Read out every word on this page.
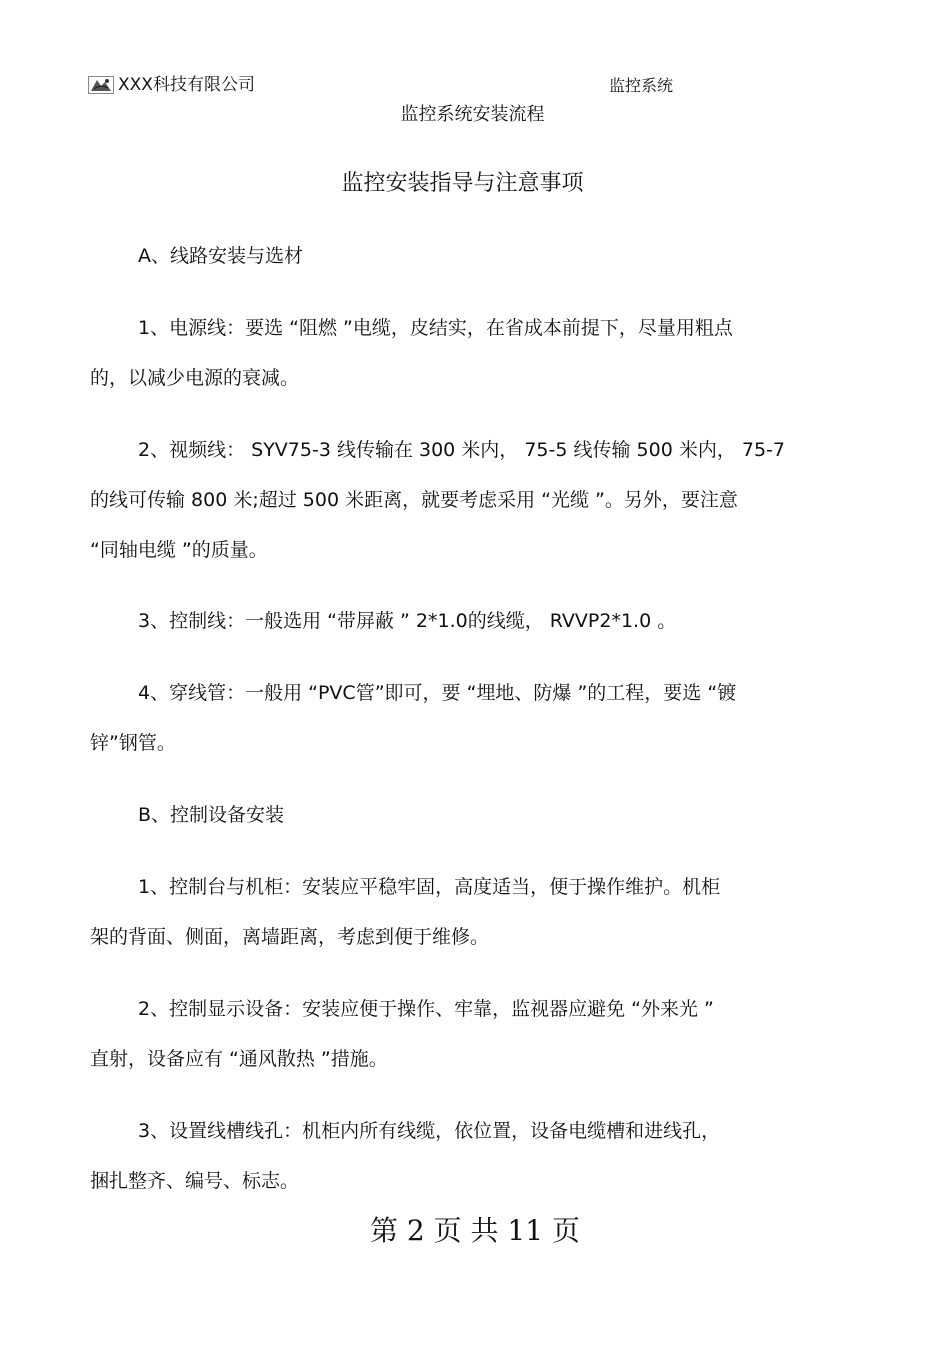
XXX科技有限公司	监控系统
监控系统安装流程
监控安装指导与注意事项
A、线路安装与选材
1、电源线：要选 “阻燃 ”电缆，皮结实，在省成本前提下，尽量用粗点
的，以减少电源的衰减。
2、视频线： SYV75-3 线传输在 300 米内， 75-5 线传输 500 米内， 75-7
的线可传输 800 米;超过 500 米距离，就要考虑采用 “光缆 ”。另外，要注意
“同轴电缆 ”的质量。
3、控制线：一般选用 “带屏蔽 ” 2*1.0的线缆， RVVP2*1.0 。
4、穿线管：一般用 “PVC管”即可，要 “埋地、防爆 ”的工程，要选 “镀
锌”钢管。
B、控制设备安装
1、控制台与机柜：安装应平稳牢固，高度适当，便于操作维护。机柜
架的背面、侧面，离墙距离，考虑到便于维修。
2、控制显示设备：安装应便于操作、牢靠，监视器应避免 “外来光 ”
直射，设备应有 “通风散热 ”措施。
3、设置线槽线孔：机柜内所有线缆，依位置，设备电缆槽和进线孔，
捆扎整齐、编号、标志。
第 2 页 共 11 页
